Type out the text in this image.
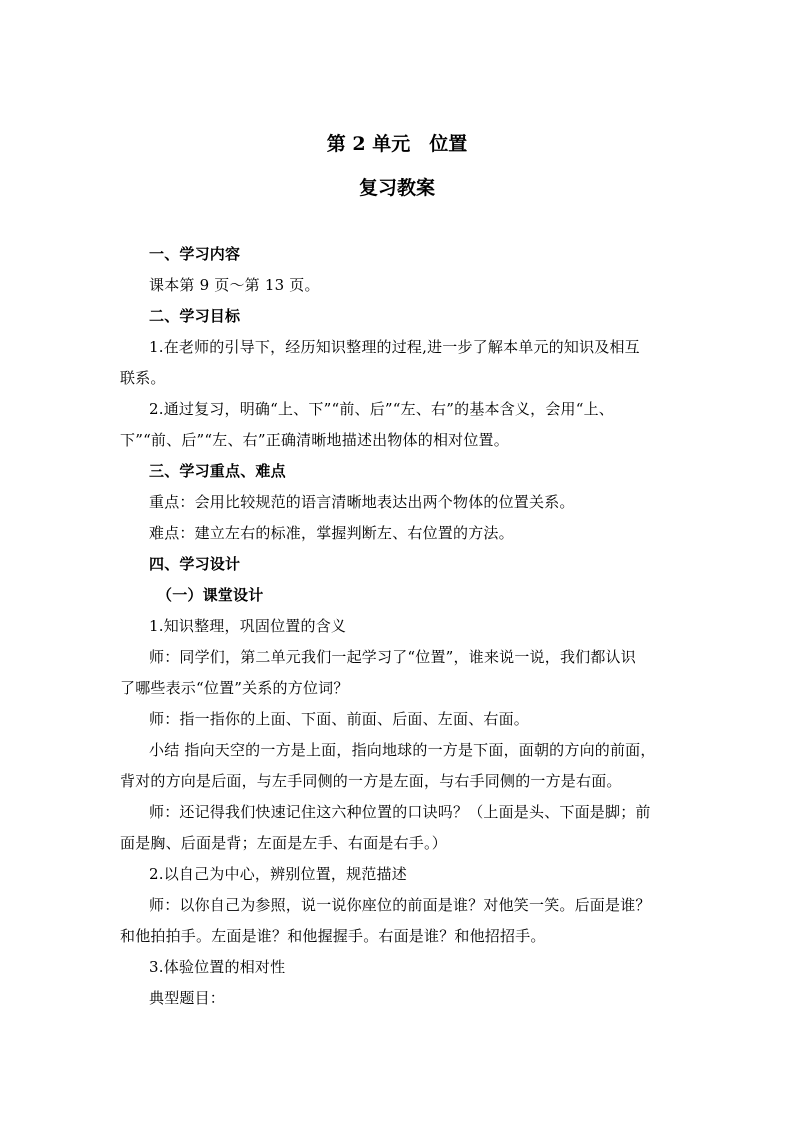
第 2 单元　位置
复习教案
一、学习内容
课本第 9 页～第 13 页。
二、学习目标
1.在老师的引导下，经历知识整理的过程,进一步了解本单元的知识及相互
联系。
2.通过复习，明确“上、下”“前、后”“左、右”的基本含义，会用“上、
下”“前、后”“左、右”正确清晰地描述出物体的相对位置。
三、学习重点、难点
重点：会用比较规范的语言清晰地表达出两个物体的位置关系。
难点：建立左右的标准，掌握判断左、右位置的方法。
四、学习设计
（一）课堂设计
1.知识整理，巩固位置的含义
师：同学们，第二单元我们一起学习了“位置”，谁来说一说，我们都认识
了哪些表示“位置”关系的方位词？
师：指一指你的上面、下面、前面、后面、左面、右面。
小结 指向天空的一方是上面，指向地球的一方是下面，面朝的方向的前面，
背对的方向是后面，与左手同侧的一方是左面，与右手同侧的一方是右面。
师：还记得我们快速记住这六种位置的口诀吗？（上面是头、下面是脚；前
面是胸、后面是背；左面是左手、右面是右手。）
2.以自己为中心，辨别位置，规范描述
师：以你自己为参照，说一说你座位的前面是谁？对他笑一笑。后面是谁？
和他拍拍手。左面是谁？和他握握手。右面是谁？和他招招手。
3.体验位置的相对性
典型题目：
